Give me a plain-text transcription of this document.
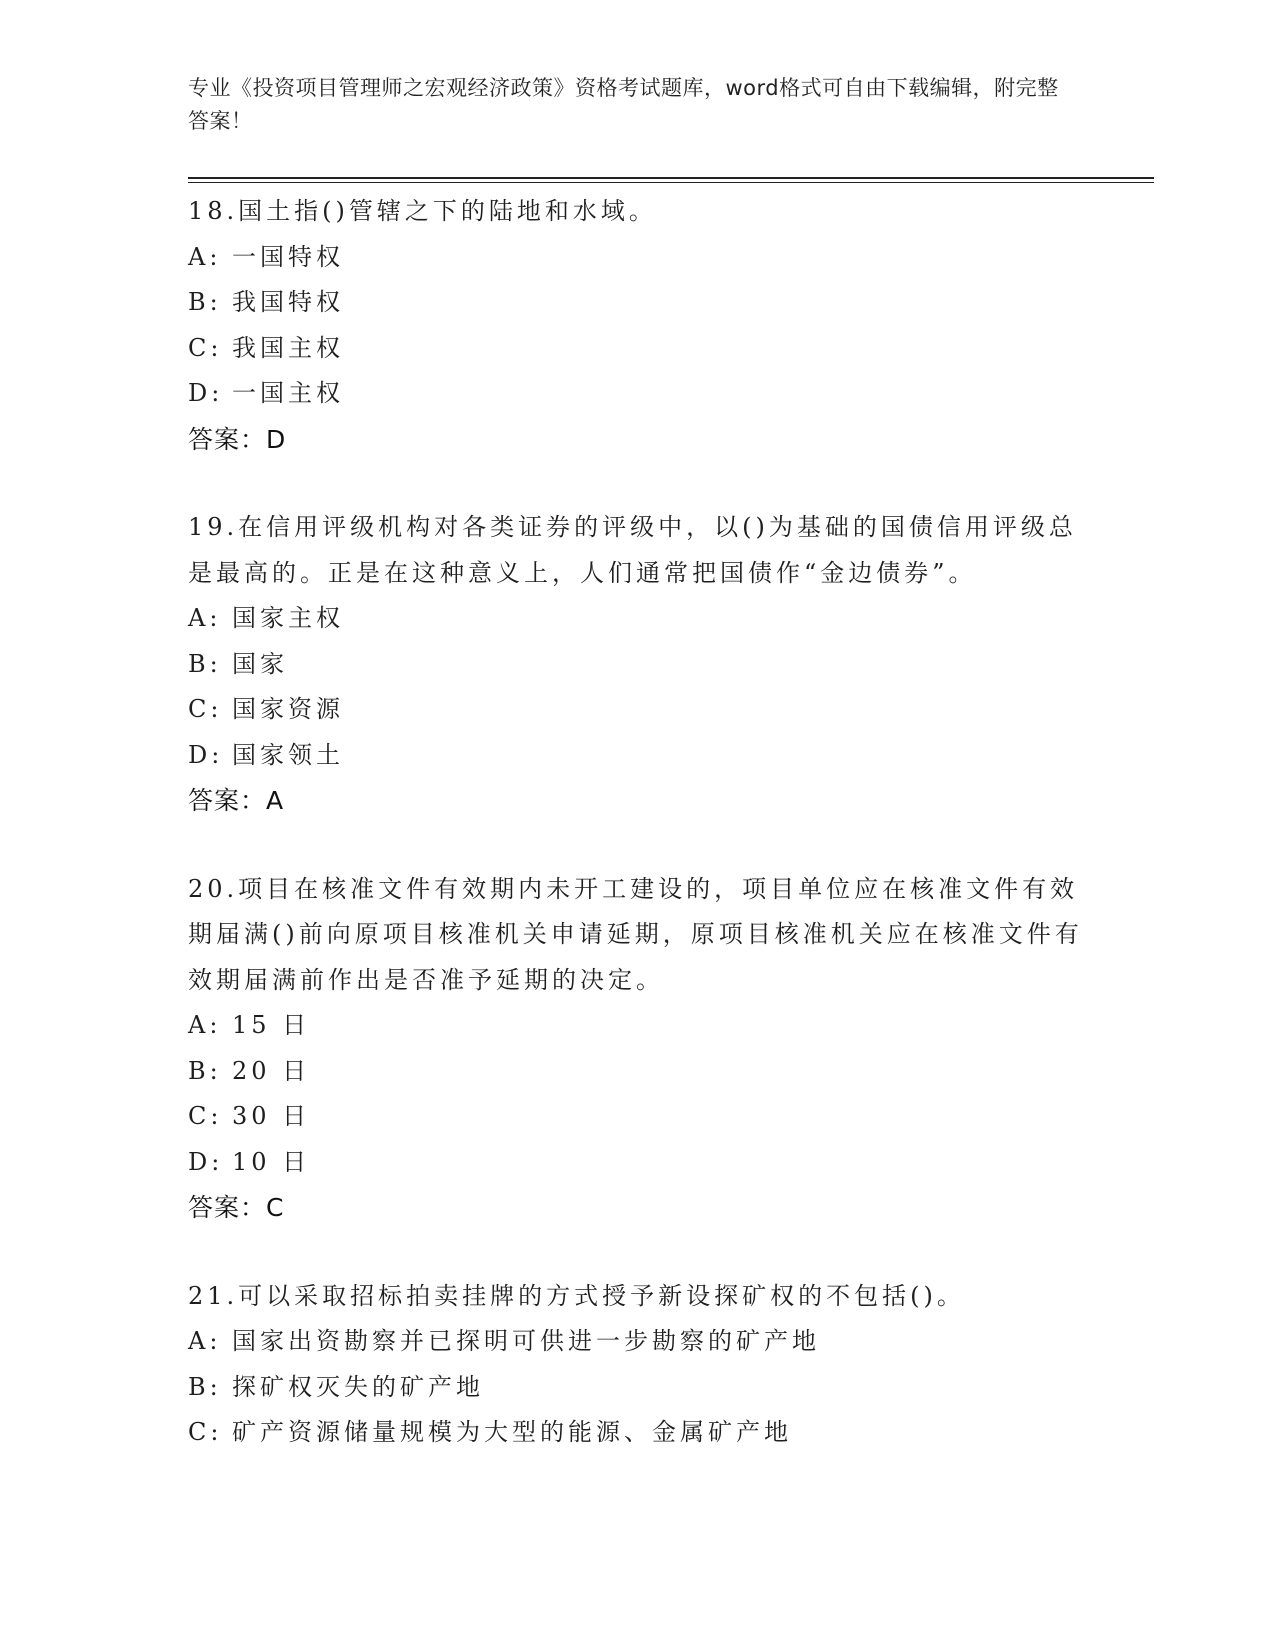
专业《投资项目管理师之宏观经济政策》资格考试题库，word格式可自由下载编辑，附完整答案！

18.国土指()管辖之下的陆地和水域。

A: 一国特权
B: 我国特权
C: 我国主权
D: 一国主权

答案：D

19.在信用评级机构对各类证券的评级中，以()为基础的国债信用评级总是最高的。正是在这种意义上，人们通常把国债作“金边债券”。

A: 国家主权
B: 国家
C: 国家资源
D: 国家领土

答案：A

20.项目在核准文件有效期内未开工建设的，项目单位应在核准文件有效期届满()前向原项目核准机关申请延期，原项目核准机关应在核准文件有效期届满前作出是否准予延期的决定。

A: 15 日
B: 20 日
C: 30 日
D: 10 日

答案：C

21.可以采取招标拍卖挂牌的方式授予新设探矿权的不包括()。

A: 国家出资勘察并已探明可供进一步勘察的矿产地
B: 探矿权灭失的矿产地
C: 矿产资源储量规模为大型的能源、金属矿产地
